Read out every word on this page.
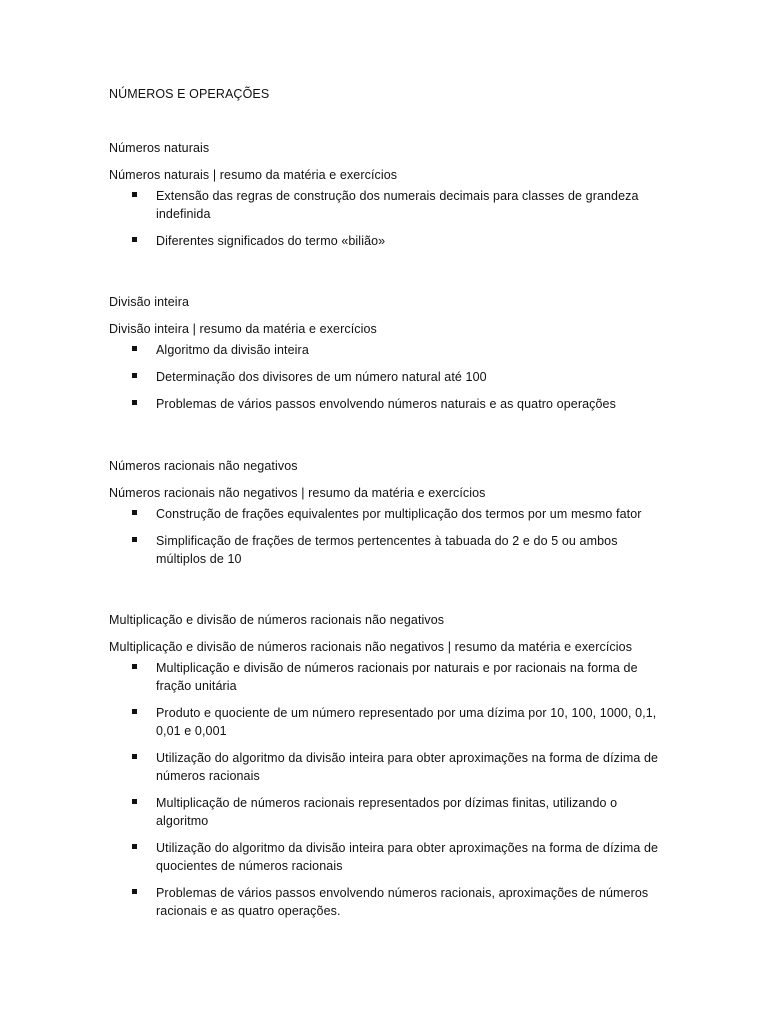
NÚMEROS E OPERAÇÕES

Números naturais

Números naturais | resumo da matéria e exercícios

Extensão das regras de construção dos numerais decimais para classes de grandeza indefinida
Diferentes significados do termo «bilião»

Divisão inteira

Divisão inteira | resumo da matéria e exercícios

Algoritmo da divisão inteira
Determinação dos divisores de um número natural até 100
Problemas de vários passos envolvendo números naturais e as quatro operações

Números racionais não negativos

Números racionais não negativos | resumo da matéria e exercícios

Construção de frações equivalentes por multiplicação dos termos por um mesmo fator
Simplificação de frações de termos pertencentes à tabuada do 2 e do 5 ou ambos múltiplos de 10

Multiplicação e divisão de números racionais não negativos

Multiplicação e divisão de números racionais não negativos | resumo da matéria e exercícios

Multiplicação e divisão de números racionais por naturais e por racionais na forma de fração unitária
Produto e quociente de um número representado por uma dízima por 10, 100, 1000, 0,1, 0,01 e 0,001
Utilização do algoritmo da divisão inteira para obter aproximações na forma de dízima de números racionais
Multiplicação de números racionais representados por dízimas finitas, utilizando o algoritmo
Utilização do algoritmo da divisão inteira para obter aproximações na forma de dízima de quocientes de números racionais
Problemas de vários passos envolvendo números racionais, aproximações de números racionais e as quatro operações.
